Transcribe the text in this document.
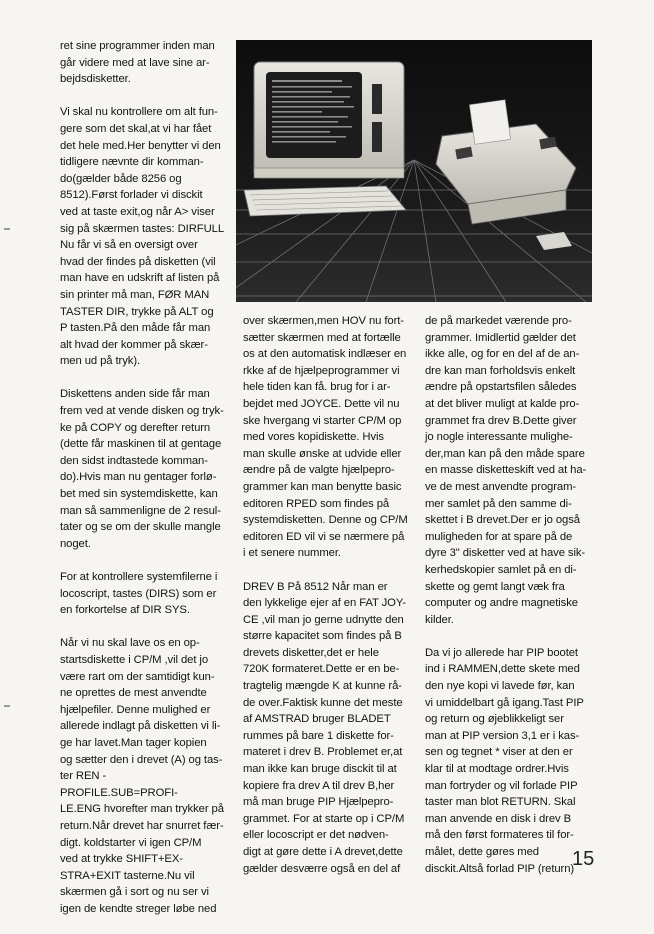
ret sine programmer inden man
går videre med at lave sine ar-
bejdsdisketter.

Vi skal nu kontrollere om alt fun-
gere som det skal,at vi har fået
det hele med.Her benytter vi den
tidligere nævnte dir komman-
do(gælder både 8256 og
8512).Først forlader vi disckit
ved at taste exit,og når A> viser
sig på skærmen tastes: DIRFULL
Nu får vi så en oversigt over
hvad der findes på disketten (vil
man have en udskrift af listen på
sin printer må man, FØR MAN
TASTER DIR, trykke på ALT og
P tasten.På den måde får man
alt hvad der kommer på skær-
men ud på tryk).

Diskettens anden side får man
frem ved at vende disken og tryk-
ke på COPY og derefter return
(dette får maskinen til at gentage
den sidst indtastede komman-
do).Hvis man nu gentager forlø-
bet med sin systemdiskette, kan
man så sammenligne de 2 resul-
tater og se om der skulle mangle
noget.

For at kontrollere systemfilerne i
locoscript, tastes (DIRS) som er
en forkortelse af DIR SYS.

Når vi nu skal lave os en op-
startsdiskette i CP/M ,vil det jo
være rart om der samtidigt kun-
ne oprettes de mest anvendte
hjælpefiler. Denne mulighed er
allerede indlagt på disketten vi li-
ge har lavet.Man tager kopien
og sætter den i drevet (A) og tas-
ter REN - PROFILE.SUB=PROFI-
LE.ENG hvorefter man trykker på
return.Når drevet har snurret fær-
digt. koldstarter vi igen CP/M
ved at trykke SHIFT+EX-
STRA+EXIT tasterne.Nu vil
skærmen gå i sort og nu ser vi
igen de kendte streger løbe ned

over skærmen,men HOV nu fort-
sætter skærmen med at fortælle
os at den automatisk indlæser en
rkke af de hjælpeprogrammer vi
hele tiden kan få. brug for i ar-
bejdet med JOYCE. Dette vil nu
ske hvergang vi starter CP/M op
med vores kopidiskette. Hvis
man skulle ønske at udvide eller
ændre på de valgte hjælpepro-
grammer kan man benytte basic
editoren RPED som findes på
systemdisketten. Denne og CP/M
editoren ED vil vi se nærmere på
i et senere nummer.

DREV B På 8512 Når man er
den lykkelige ejer af en FAT JOY-
CE ,vil man jo gerne udnytte den
større kapacitet som findes på B
drevets disketter,det er hele
720K formateret.Dette er en be-
tragtelig mængde K at kunne rå-
de over.Faktisk kunne det meste
af AMSTRAD bruger BLADET
rummes på bare 1 diskette for-
materet i drev B. Problemet er,at
man ikke kan bruge disckit til at
kopiere fra drev A til drev B,her
må man bruge PIP Hjælpepro-
grammet. For at starte op i CP/M
eller locoscript er det nødven-
digt at gøre dette i A drevet,dette
gælder desværre også en del af

de på markedet værende pro-
grammer. Imidlertid gælder det
ikke alle, og for en del af de an-
dre kan man forholdsvis enkelt
ændre på opstartsfilen således
at det bliver muligt at kalde pro-
grammet fra drev B.Dette giver
jo nogle interessante mulighe-
der,man kan på den måde spare
en masse disketteskift ved at ha-
ve de mest anvendte program-
mer samlet på den samme di-
skettet i B drevet.Der er jo også
muligheden for at spare på de
dyre 3" disketter ved at have sik-
kerhedskopier samlet på en di-
skette og gemt langt væk fra
computer og andre magnetiske
kilder.

Da vi jo allerede har PIP bootet
ind i RAMMEN,dette skete med
den nye kopi vi lavede før, kan
vi umiddelbart gå igang.Tast PIP
og return og øjeblikkeligt ser
man at PIP version 3,1 er i kas-
sen og tegnet * viser at den er
klar til at modtage ordrer.Hvis
man fortryder og vil forlade PIP
taster man blot RETURN. Skal
man anvende en disk i drev B
må den først formateres til for-
målet, dette gøres med
disckit.Altså forlad PIP (return)

15
